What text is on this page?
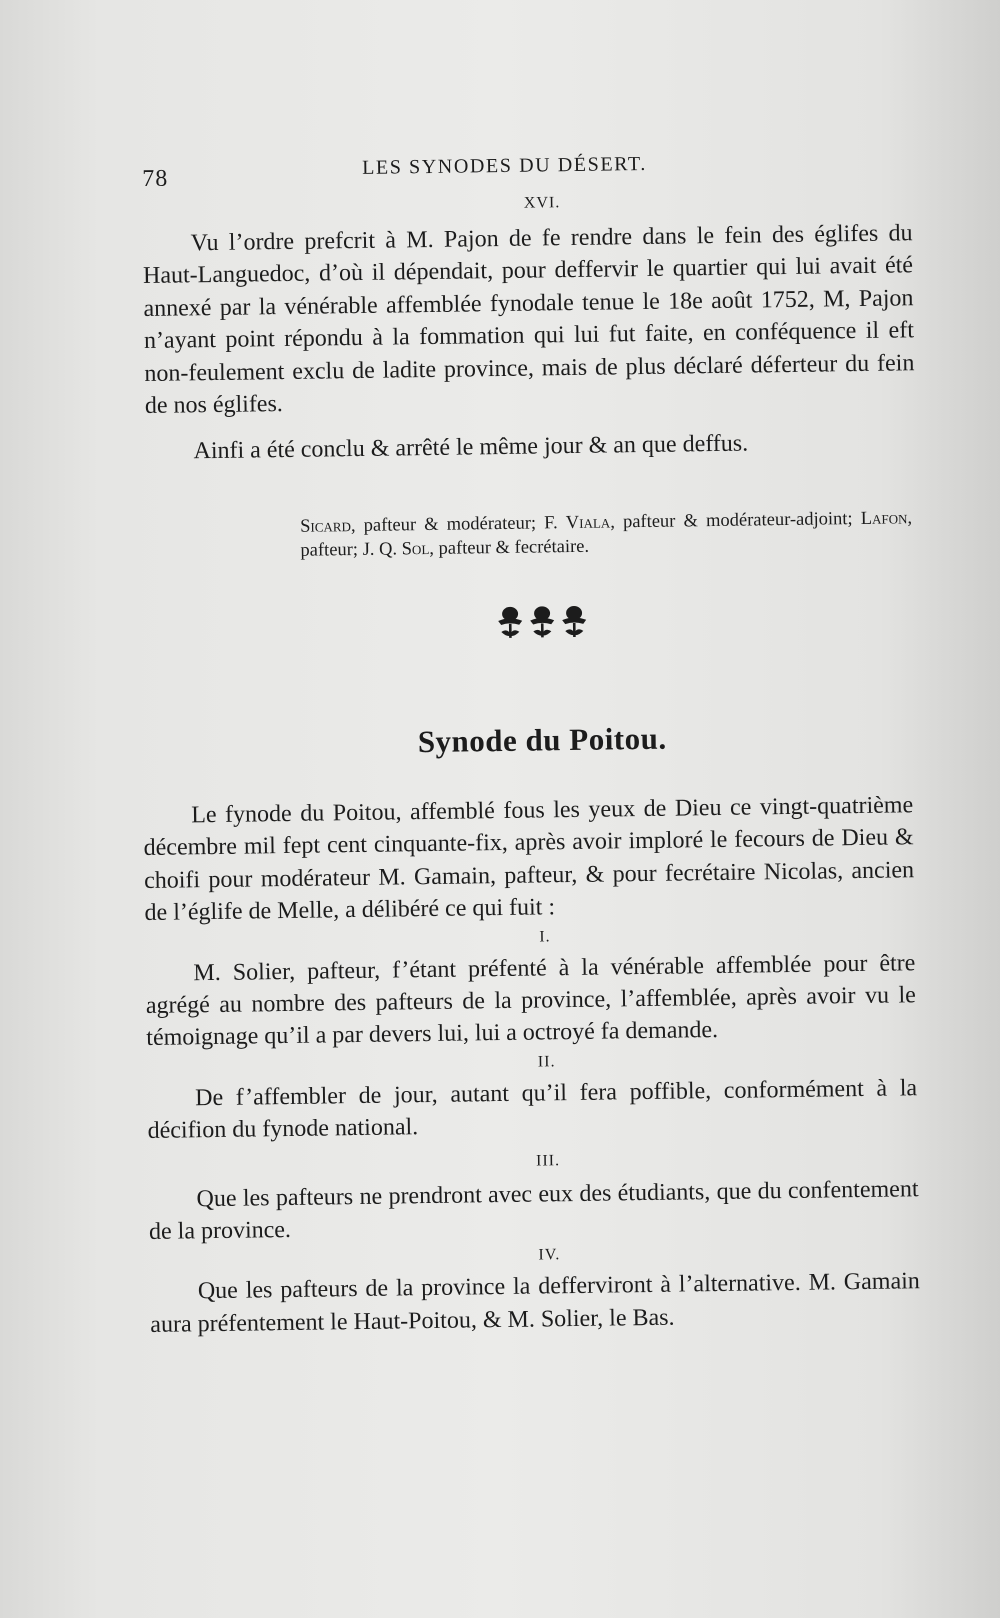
78	LES SYNODES DU DÉSERT.

XVI.

Vu l’ordre prefcrit à M. Pajon de fe rendre dans le fein des églifes du Haut-Languedoc, d’où il dépendait, pour deffervir le quartier qui lui avait été annexé par la vénérable affemblée fynodale tenue le 18e août 1752, M, Pajon n’ayant point répondu à la fommation qui lui fut faite, en conféquence il eft non-feulement exclu de ladite province, mais de plus déclaré déferteur du fein de nos églifes.

Ainfi a été conclu & arrêté le même jour & an que deffus.

Sicard, pafteur & modérateur; F. Viala, pafteur & modérateur-adjoint; Lafon, pafteur; J. Q. Sol, pafteur & fecrétaire.

Synode du Poitou.

Le fynode du Poitou, affemblé fous les yeux de Dieu ce vingt-quatrième décembre mil fept cent cinquante-fix, après avoir imploré le fecours de Dieu & choifi pour modérateur M. Gamain, pafteur, & pour fecrétaire Nicolas, ancien de l’églife de Melle, a délibéré ce qui fuit :

I.

M. Solier, pafteur, f’étant préfenté à la vénérable affemblée pour être agrégé au nombre des pafteurs de la province, l’affemblée, après avoir vu le témoignage qu’il a par devers lui, lui a octroyé fa demande.

II.

De f’affembler de jour, autant qu’il fera poffible, conformément à la décifion du fynode national.

III.

Que les pafteurs ne prendront avec eux des étudiants, que du confentement de la province.

IV.

Que les pafteurs de la province la defferviront à l’alternative. M. Gamain aura préfentement le Haut-Poitou, & M. Solier, le Bas.
